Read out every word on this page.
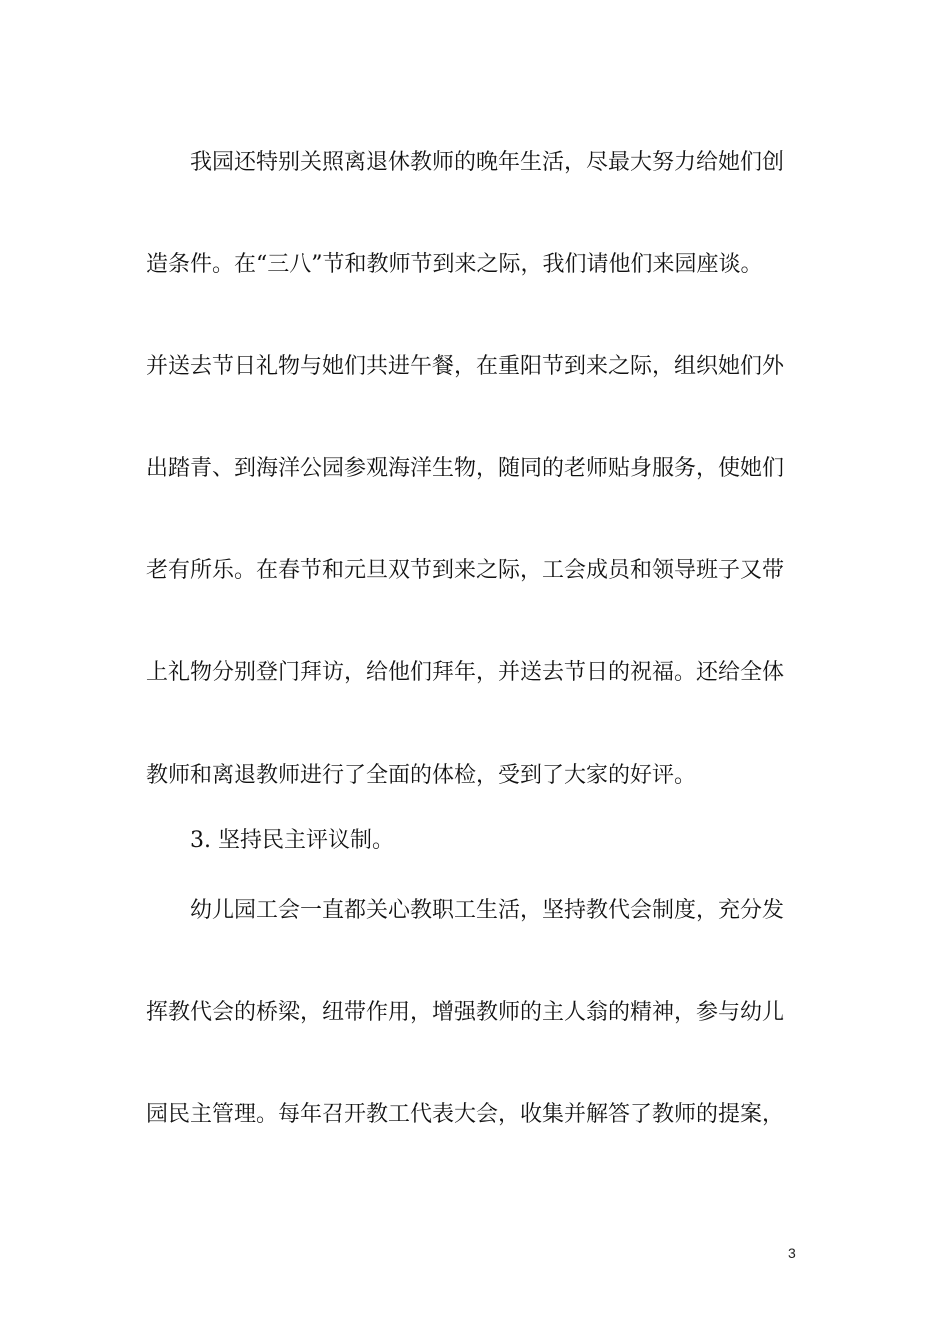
　　我园还特别关照离退休教师的晚年生活，尽最大努力给她们创
造条件。在“三八”节和教师节到来之际，我们请他们来园座谈。
并送去节日礼物与她们共进午餐，在重阳节到来之际，组织她们外
出踏青、到海洋公园参观海洋生物，随同的老师贴身服务，使她们
老有所乐。在春节和元旦双节到来之际，工会成员和领导班子又带
上礼物分别登门拜访，给他们拜年，并送去节日的祝福。还给全体
教师和离退教师进行了全面的体检，受到了大家的好评。
　　3. 坚持民主评议制。
　　幼儿园工会一直都关心教职工生活，坚持教代会制度，充分发
挥教代会的桥梁，纽带作用，增强教师的主人翁的精神，参与幼儿
园民主管理。每年召开教工代表大会，收集并解答了教师的提案，
3
